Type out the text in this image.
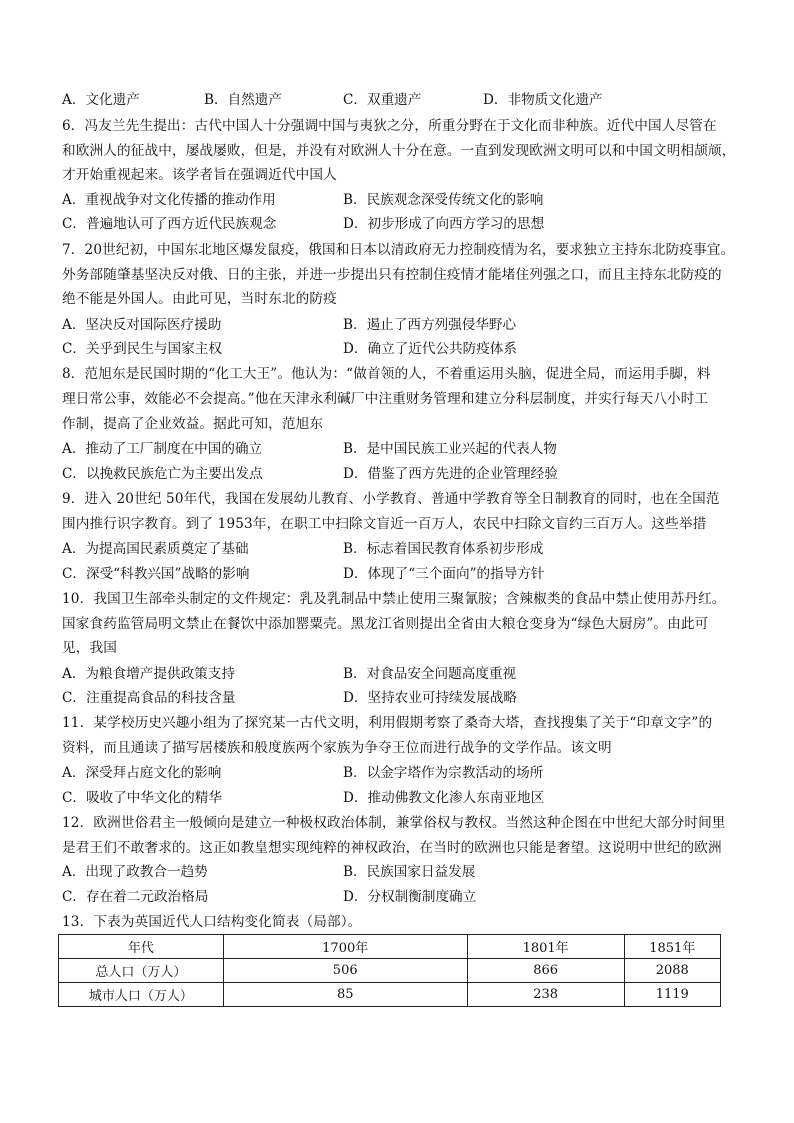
A．文化遗产	B．自然遗产	C．双重遗产	D．非物质文化遗产
6．冯友兰先生提出：古代中国人十分强调中国与夷狄之分，所重分野在于文化而非种族。近代中国人尽管在
和欧洲人的征战中，屡战屡败，但是，并没有对欧洲人十分在意。一直到发现欧洲文明可以和中国文明相颉颃，
才开始重视起来。该学者旨在强调近代中国人
A．重视战争对文化传播的推动作用	B．民族观念深受传统文化的影响
C．普遍地认可了西方近代民族观念	D．初步形成了向西方学习的思想
7．20世纪初，中国东北地区爆发鼠疫，俄国和日本以清政府无力控制疫情为名，要求独立主持东北防疫事宜。
外务部随肇基坚决反对俄、日的主张，并进一步提出只有控制住疫情才能堵住列强之口，而且主持东北防疫的
绝不能是外国人。由此可见，当时东北的防疫
A．坚决反对国际医疗援助	B．遏止了西方列强侵华野心
C．关乎到民生与国家主权	D．确立了近代公共防疫体系
8．范旭东是民国时期的“化工大王”。他认为：“做首领的人，不着重运用头脑，促进全局，而运用手脚，料
理日常公事，效能必不会提高。”他在天津永利碱厂中注重财务管理和建立分科层制度，并实行每天八小时工
作制，提高了企业效益。据此可知，范旭东
A．推动了工厂制度在中国的确立	B．是中国民族工业兴起的代表人物
C．以挽救民族危亡为主要出发点	D．借鉴了西方先进的企业管理经验
9．进入 20世纪 50年代，我国在发展幼儿教育、小学教育、普通中学教育等全日制教育的同时，也在全国范
围内推行识字教育。到了 1953年，在职工中扫除文盲近一百万人，农民中扫除文盲约三百万人。这些举措
A．为提高国民素质奠定了基础	B．标志着国民教育体系初步形成
C．深受“科教兴国”战略的影响	D．体现了“三个面向”的指导方针
10．我国卫生部牵头制定的文件规定：乳及乳制品中禁止使用三聚氰胺；含辣椒类的食品中禁止使用苏丹红。
国家食药监管局明文禁止在餐饮中添加罂粟壳。黑龙江省则提出全省由大粮仓变身为“绿色大厨房”。由此可
见，我国
A．为粮食增产提供政策支持	B．对食品安全问题高度重视
C．注重提高食品的科技含量	D．坚持农业可持续发展战略
11．某学校历史兴趣小组为了探究某一古代文明，利用假期考察了桑奇大塔，查找搜集了关于“印章文字”的
资料，而且通读了描写居楼族和般度族两个家族为争夺王位而进行战争的文学作品。该文明
A．深受拜占庭文化的影响	B．以金字塔作为宗教活动的场所
C．吸收了中华文化的精华	D．推动佛教文化渗人东南亚地区
12．欧洲世俗君主一般倾向是建立一种极权政治体制，兼掌俗权与教权。当然这种企图在中世纪大部分时间里
是君王们不敢奢求的。这正如教皇想实现纯粹的神权政治，在当时的欧洲也只能是奢望。这说明中世纪的欧洲
A．出现了政教合一趋势	B．民族国家日益发展
C．存在着二元政治格局	D．分权制衡制度确立
13．下表为英国近代人口结构变化简表（局部）。
年代	1700年	1801年	1851年
总人口（万人）	506	866	2088
城市人口（万人）	85	238	1119
